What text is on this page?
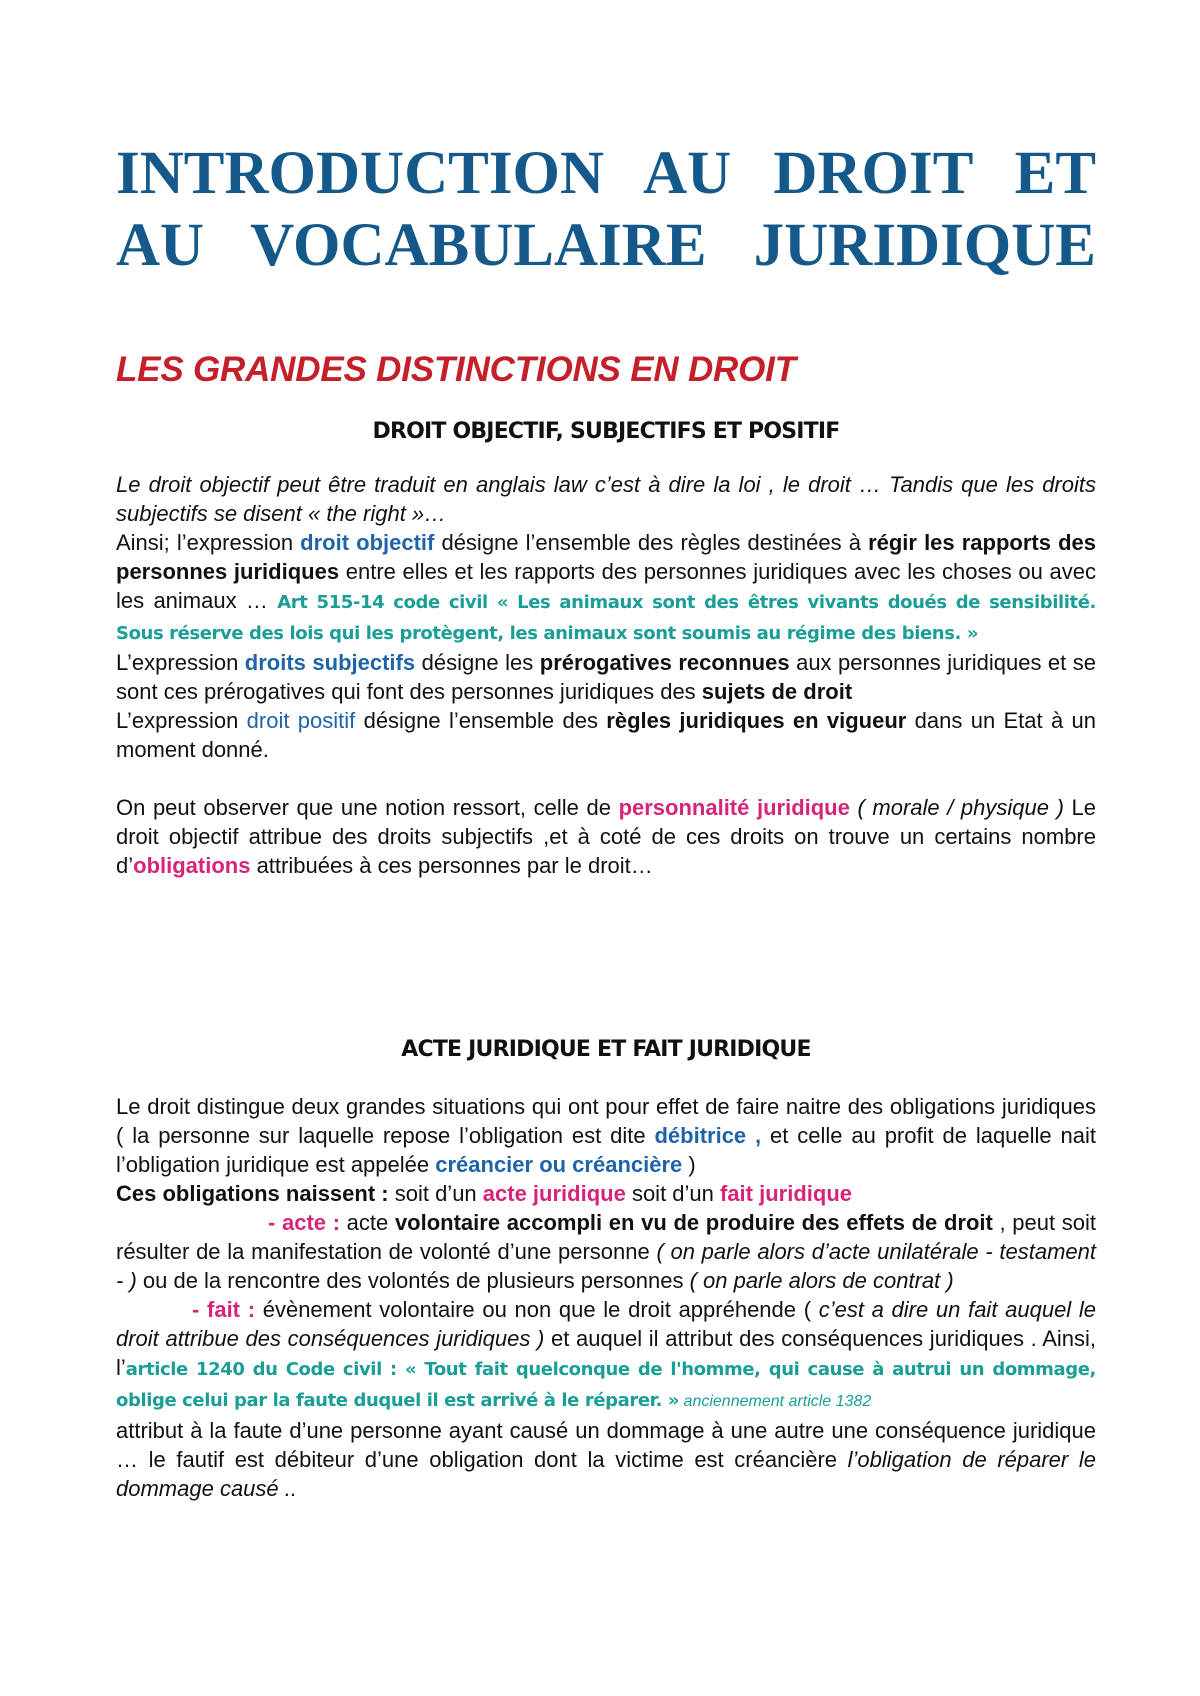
INTRODUCTION AU DROIT ET
AU VOCABULAIRE JURIDIQUE
LES GRANDES DISTINCTIONS EN DROIT
DROIT OBJECTIF, SUBJECTIFS ET POSITIF

Le droit objectif peut être traduit en anglais law c’est à dire la loi , le droit … Tandis que les droits subjectifs se disent « the right »…

Ainsi; l’expression droit objectif désigne l’ensemble des règles destinées à régir les rapports des personnes juridiques entre elles et les rapports des personnes juridiques avec les choses ou avec les animaux … Art 515-14 code civil « Les animaux sont des êtres vivants doués de sensibilité. Sous réserve des lois qui les protègent, les animaux sont soumis au régime des biens. »

L’expression droits subjectifs désigne les prérogatives reconnues aux personnes juridiques et se sont ces prérogatives qui font des personnes juridiques des sujets de droit

L’expression droit positif désigne l’ensemble des règles juridiques en vigueur dans un Etat à un moment donné.

On peut observer que une notion ressort, celle de personnalité juridique ( morale / physique ) Le droit objectif attribue des droits subjectifs ,et à coté de ces droits on trouve un certains nombre d’obligations attribuées à ces personnes par le droit…

ACTE JURIDIQUE ET FAIT JURIDIQUE

Le droit distingue deux grandes situations qui ont pour effet de faire naitre des obligations juridiques ( la personne sur laquelle repose l’obligation est dite débitrice , et celle au profit de laquelle nait l’obligation juridique est appelée créancier ou créancière )

Ces obligations naissent : soit d’un acte juridique soit d’un fait juridique

- acte : acte volontaire accompli en vu de produire des effets de droit , peut soit résulter de la manifestation de volonté d’une personne ( on parle alors d’acte unilatérale - testament - ) ou de la rencontre des volontés de plusieurs personnes ( on parle alors de contrat )

- fait : évènement volontaire ou non que le droit appréhende ( c’est a dire un fait auquel le droit attribue des conséquences juridiques ) et auquel il attribut des conséquences juridiques . Ainsi, l’article 1240 du Code civil : « Tout fait quelconque de l'homme, qui cause à autrui un dommage, oblige celui par la faute duquel il est arrivé à le réparer. » anciennement article 1382

attribut à la faute d’une personne ayant causé un dommage à une autre une conséquence juridique … le fautif est débiteur d’une obligation dont la victime est créancière l’obligation de réparer le dommage causé ..
